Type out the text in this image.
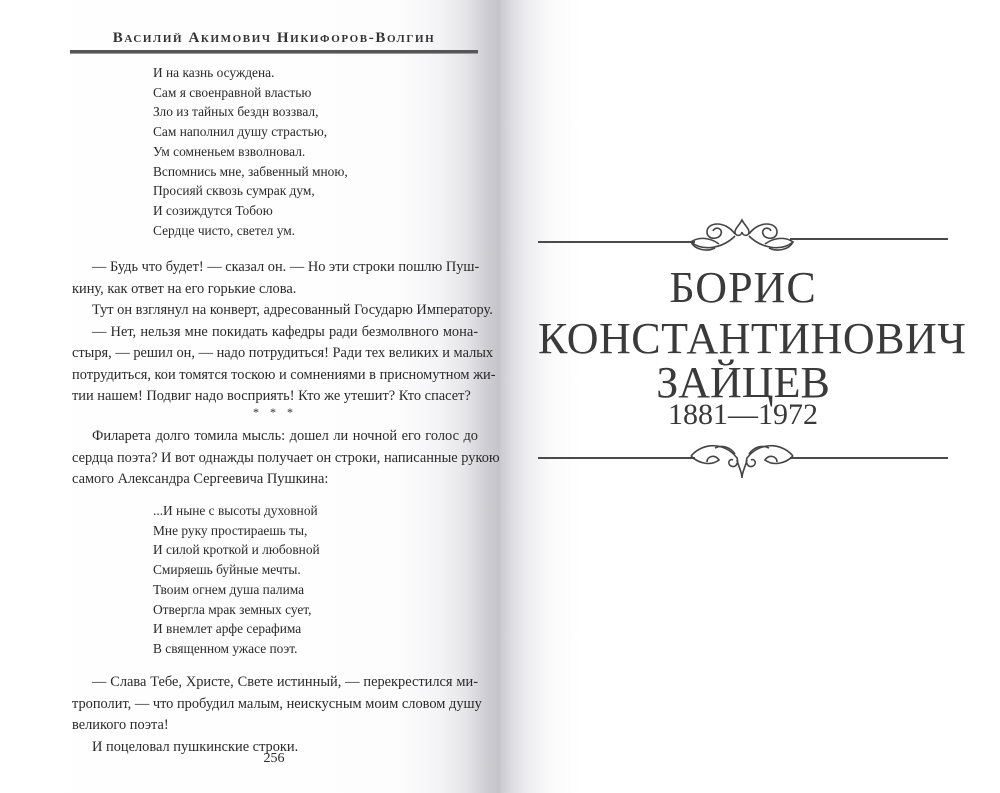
Василий Акимович Никифоров-Волгин
И на казнь осуждена.
Сам я своенравной властью
Зло из тайных бездн воззвал,
Сам наполнил душу страстью,
Ум сомненьем взволновал.
Вспомнись мне, забвенный мною,
Просияй сквозь сумрак дум,
И созиждутся Тобою
Сердце чисто, светел ум.
— Будь что будет! — сказал он. — Но эти строки пошлю Пуш-
кину, как ответ на его горькие слова.
Тут он взглянул на конверт, адресованный Государю Императору.
— Нет, нельзя мне покидать кафедры ради безмолвного мона-
стыря, — решил он, — надо потрудиться! Ради тех великих и малых
потрудиться, кои томятся тоскою и сомнениями в присномутном жи-
тии нашем! Подвиг надо восприять! Кто же утешит? Кто спасет?
* * *
Филарета долго томила мысль: дошел ли ночной его голос до
сердца поэта? И вот однажды получает он строки, написанные рукою
самого Александра Сергеевича Пушкина:
...И ныне с высоты духовной
Мне руку простираешь ты,
И силой кроткой и любовной
Смиряешь буйные мечты.
Твоим огнем душа палима
Отвергла мрак земных сует,
И внемлет арфе серафима
В священном ужасе поэт.
— Слава Тебе, Христе, Свете истинный, — перекрестился ми-
трополит, — что пробудил малым, неискусным моим словом душу
великого поэта!
И поцеловал пушкинские строки.
256
БОРИС
КОНСТАНТИНОВИЧ
ЗАЙЦЕВ
1881—1972
